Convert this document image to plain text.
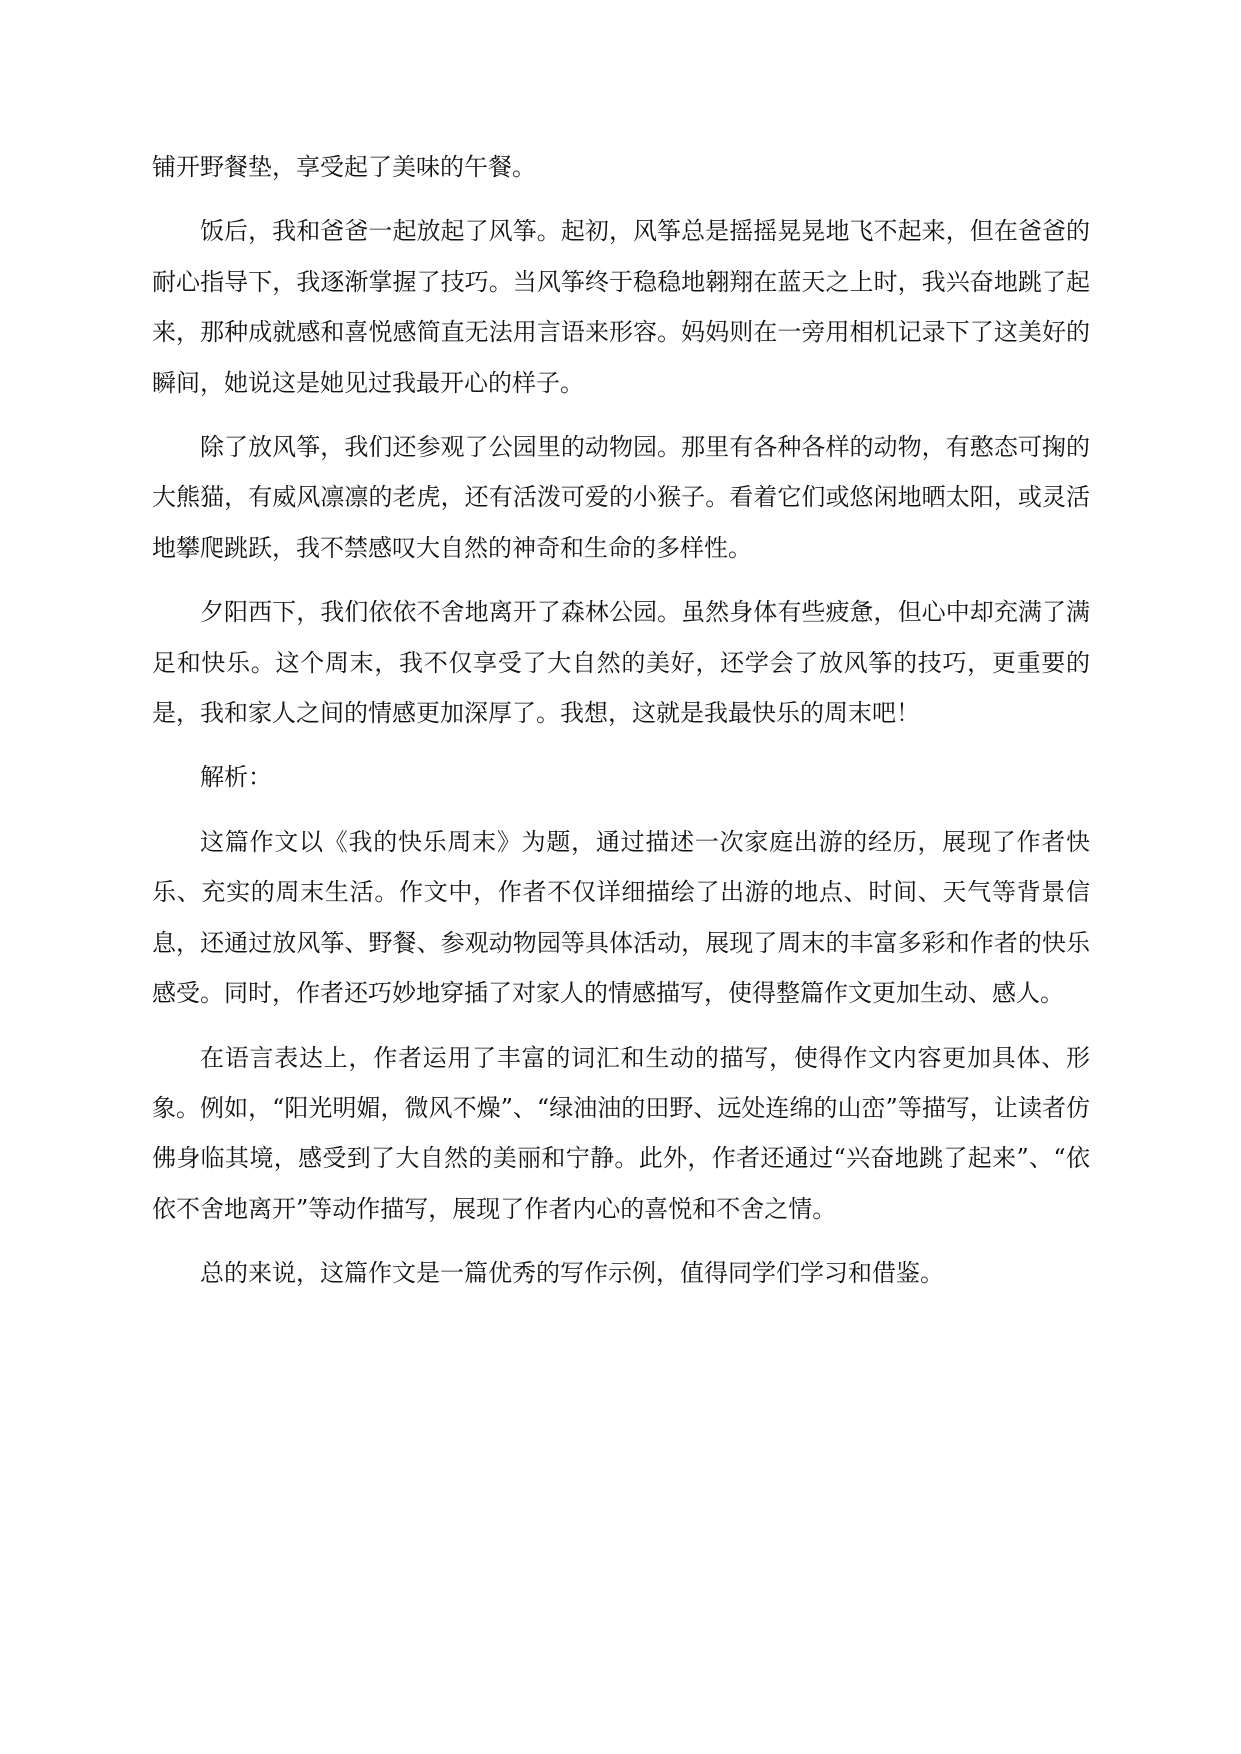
铺开野餐垫，享受起了美味的午餐。

饭后，我和爸爸一起放起了风筝。起初，风筝总是摇摇晃晃地飞不起来，但在爸爸的耐心指导下，我逐渐掌握了技巧。当风筝终于稳稳地翱翔在蓝天之上时，我兴奋地跳了起来，那种成就感和喜悦感简直无法用言语来形容。妈妈则在一旁用相机记录下了这美好的瞬间，她说这是她见过我最开心的样子。

除了放风筝，我们还参观了公园里的动物园。那里有各种各样的动物，有憨态可掬的大熊猫，有威风凛凛的老虎，还有活泼可爱的小猴子。看着它们或悠闲地晒太阳，或灵活地攀爬跳跃，我不禁感叹大自然的神奇和生命的多样性。

夕阳西下，我们依依不舍地离开了森林公园。虽然身体有些疲惫，但心中却充满了满足和快乐。这个周末，我不仅享受了大自然的美好，还学会了放风筝的技巧，更重要的是，我和家人之间的情感更加深厚了。我想，这就是我最快乐的周末吧！

解析：

这篇作文以《我的快乐周末》为题，通过描述一次家庭出游的经历，展现了作者快乐、充实的周末生活。作文中，作者不仅详细描绘了出游的地点、时间、天气等背景信息，还通过放风筝、野餐、参观动物园等具体活动，展现了周末的丰富多彩和作者的快乐感受。同时，作者还巧妙地穿插了对家人的情感描写，使得整篇作文更加生动、感人。

在语言表达上，作者运用了丰富的词汇和生动的描写，使得作文内容更加具体、形象。例如，“阳光明媚，微风不燥”、“绿油油的田野、远处连绵的山峦”等描写，让读者仿佛身临其境，感受到了大自然的美丽和宁静。此外，作者还通过“兴奋地跳了起来”、“依依不舍地离开”等动作描写，展现了作者内心的喜悦和不舍之情。

总的来说，这篇作文是一篇优秀的写作示例，值得同学们学习和借鉴。
